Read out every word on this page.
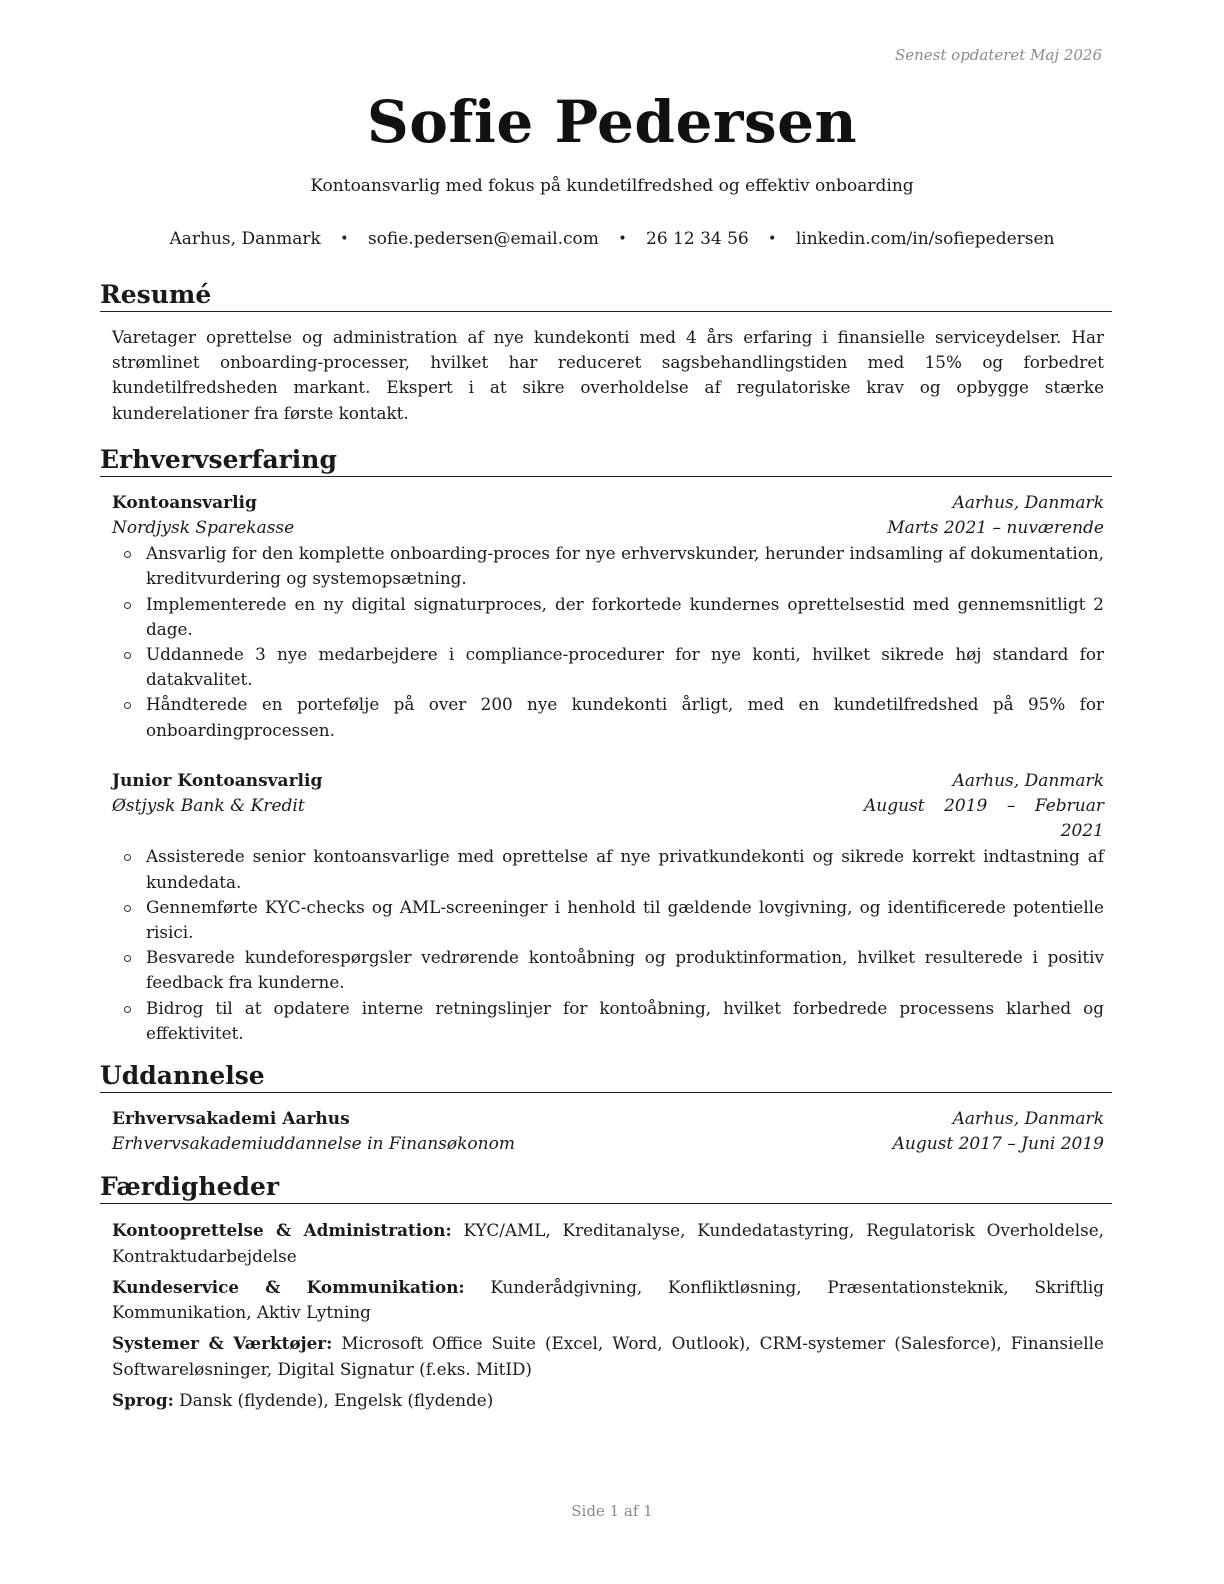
Senest opdateret Maj 2026
Sofie Pedersen
Kontoansvarlig med fokus på kundetilfredshed og effektiv onboarding
Aarhus, Danmark • sofie.pedersen@email.com • 26 12 34 56 • linkedin.com/in/sofiepedersen
Resumé
Varetager oprettelse og administration af nye kundekonti med 4 års erfaring i finansielle serviceydelser. Har strømlinet onboarding-processer, hvilket har reduceret sagsbehandlingstiden med 15% og forbedret kundetilfredsheden markant. Ekspert i at sikre overholdelse af regulatoriske krav og opbygge stærke kunderelationer fra første kontakt.
Erhvervserfaring
Kontoansvarlig	Aarhus, Danmark
Nordjysk Sparekasse	Marts 2021 – nuværende
Ansvarlig for den komplette onboarding-proces for nye erhvervskunder, herunder indsamling af dokumentation, kreditvurdering og systemopsætning.
Implementerede en ny digital signaturproces, der forkortede kundernes oprettelsestid med gennemsnitligt 2 dage.
Uddannede 3 nye medarbejdere i compliance-procedurer for nye konti, hvilket sikrede høj standard for datakvalitet.
Håndterede en portefølje på over 200 nye kundekonti årligt, med en kundetilfredshed på 95% for onboardingprocessen.
Junior Kontoansvarlig	Aarhus, Danmark
Østjysk Bank & Kredit	August 2019 – Februar 2021
Assisterede senior kontoansvarlige med oprettelse af nye privatkundekonti og sikrede korrekt indtastning af kundedata.
Gennemførte KYC-checks og AML-screeninger i henhold til gældende lovgivning, og identificerede potentielle risici.
Besvarede kundeforespørgsler vedrørende kontoåbning og produktinformation, hvilket resulterede i positiv feedback fra kunderne.
Bidrog til at opdatere interne retningslinjer for kontoåbning, hvilket forbedrede processens klarhed og effektivitet.
Uddannelse
Erhvervsakademi Aarhus	Aarhus, Danmark
Erhvervsakademiuddannelse in Finansøkonom	August 2017 – Juni 2019
Færdigheder
Kontooprettelse & Administration: KYC/AML, Kreditanalyse, Kundedatastyring, Regulatorisk Overholdelse, Kontraktudarbejdelse
Kundeservice & Kommunikation: Kunderådgivning, Konfliktløsning, Præsentationsteknik, Skriftlig Kommunikation, Aktiv Lytning
Systemer & Værktøjer: Microsoft Office Suite (Excel, Word, Outlook), CRM-systemer (Salesforce), Finansielle Softwareløsninger, Digital Signatur (f.eks. MitID)
Sprog: Dansk (flydende), Engelsk (flydende)
Side 1 af 1
